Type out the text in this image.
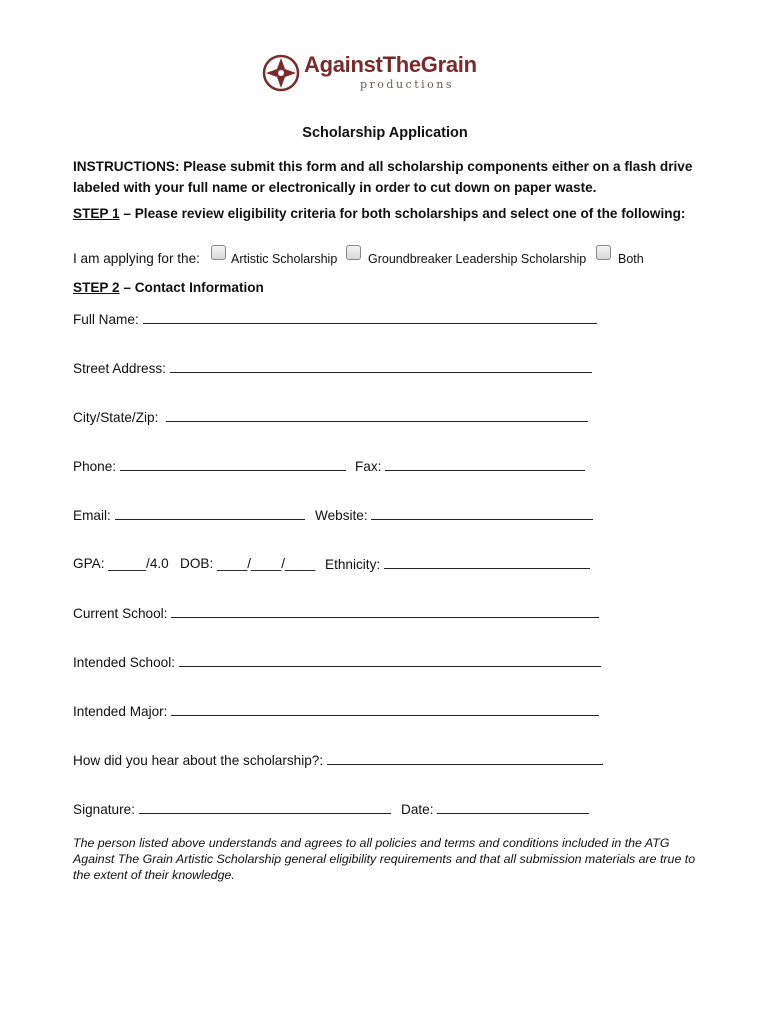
AgainstTheGrain
productions
Scholarship Application
INSTRUCTIONS: Please submit this form and all scholarship components either on a flash drive labeled with your full name or electronically in order to cut down on paper waste.
STEP 1 – Please review eligibility criteria for both scholarships and select one of the following:
I am applying for the: Artistic Scholarship Groundbreaker Leadership Scholarship	Both
STEP 2 – Contact Information
Full Name:
Street Address:
City/State/Zip:
Phone:	Fax:
Email:	Website:
GPA: _____/4.0 DOB: ____/____/____ Ethnicity:
Current School:
Intended School:
Intended Major:
How did you hear about the scholarship?:
Signature:	Date:
The person listed above understands and agrees to all policies and terms and conditions included in the ATG Against The Grain Artistic Scholarship general eligibility requirements and that all submission materials are true to the extent of their knowledge.
